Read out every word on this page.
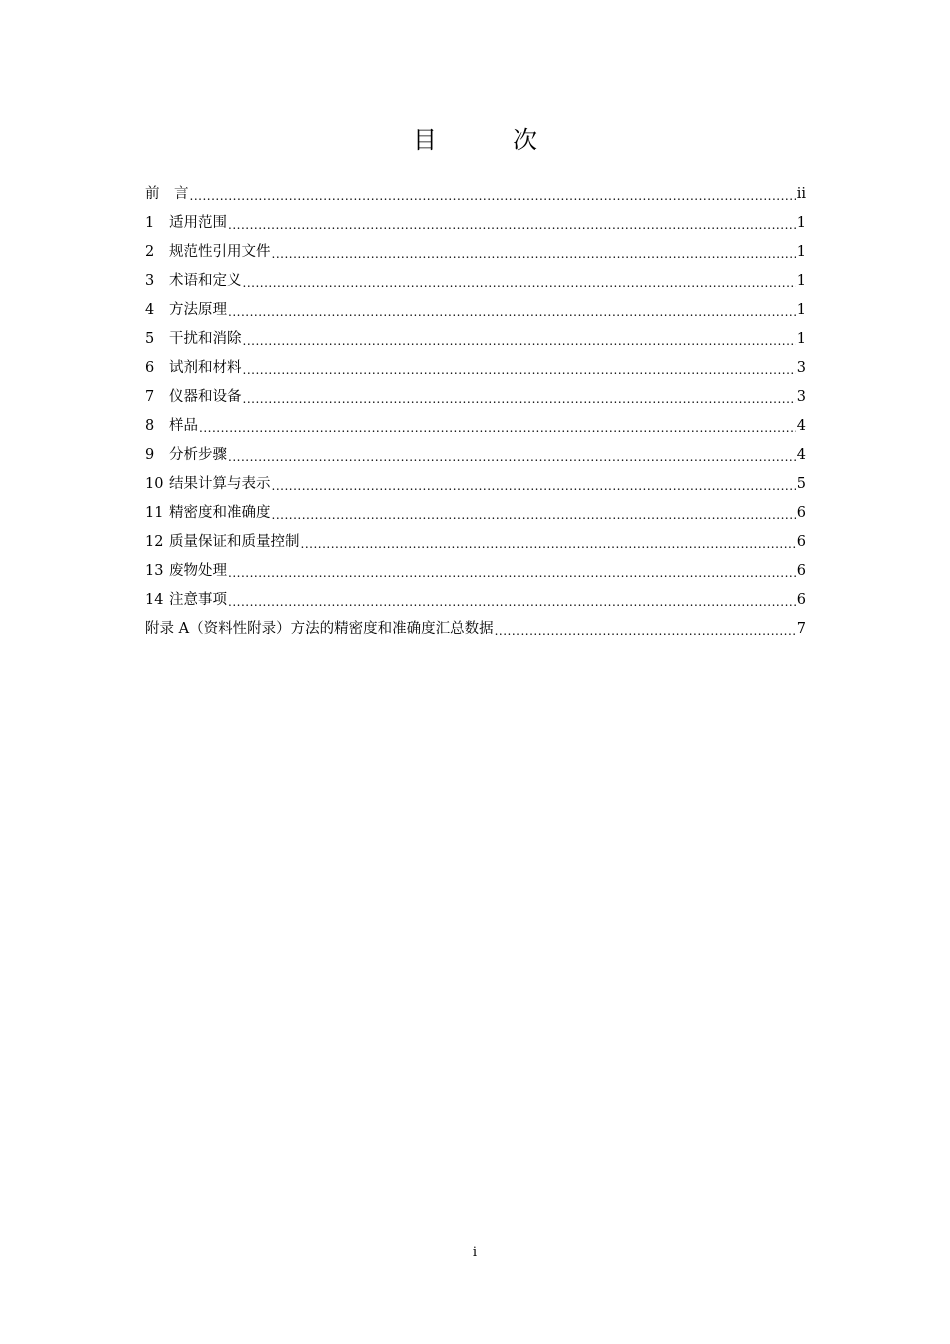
目　次
前　言 .....	ii
1	适用范围 .....	1
2	规范性引用文件 .....	1
3	术语和定义 .....	1
4	方法原理 .....	1
5	干扰和消除 .....	1
6	试剂和材料 .....	3
7	仪器和设备 .....	3
8	样品 .....	4
9	分析步骤 .....	4
10 结果计算与表示 .....	5
11 精密度和准确度 .....	6
12 质量保证和质量控制 .....	6
13 废物处理 .....	6
14 注意事项 .....	6
附录 A（资料性附录）方法的精密度和准确度汇总数据 .....	7
i
